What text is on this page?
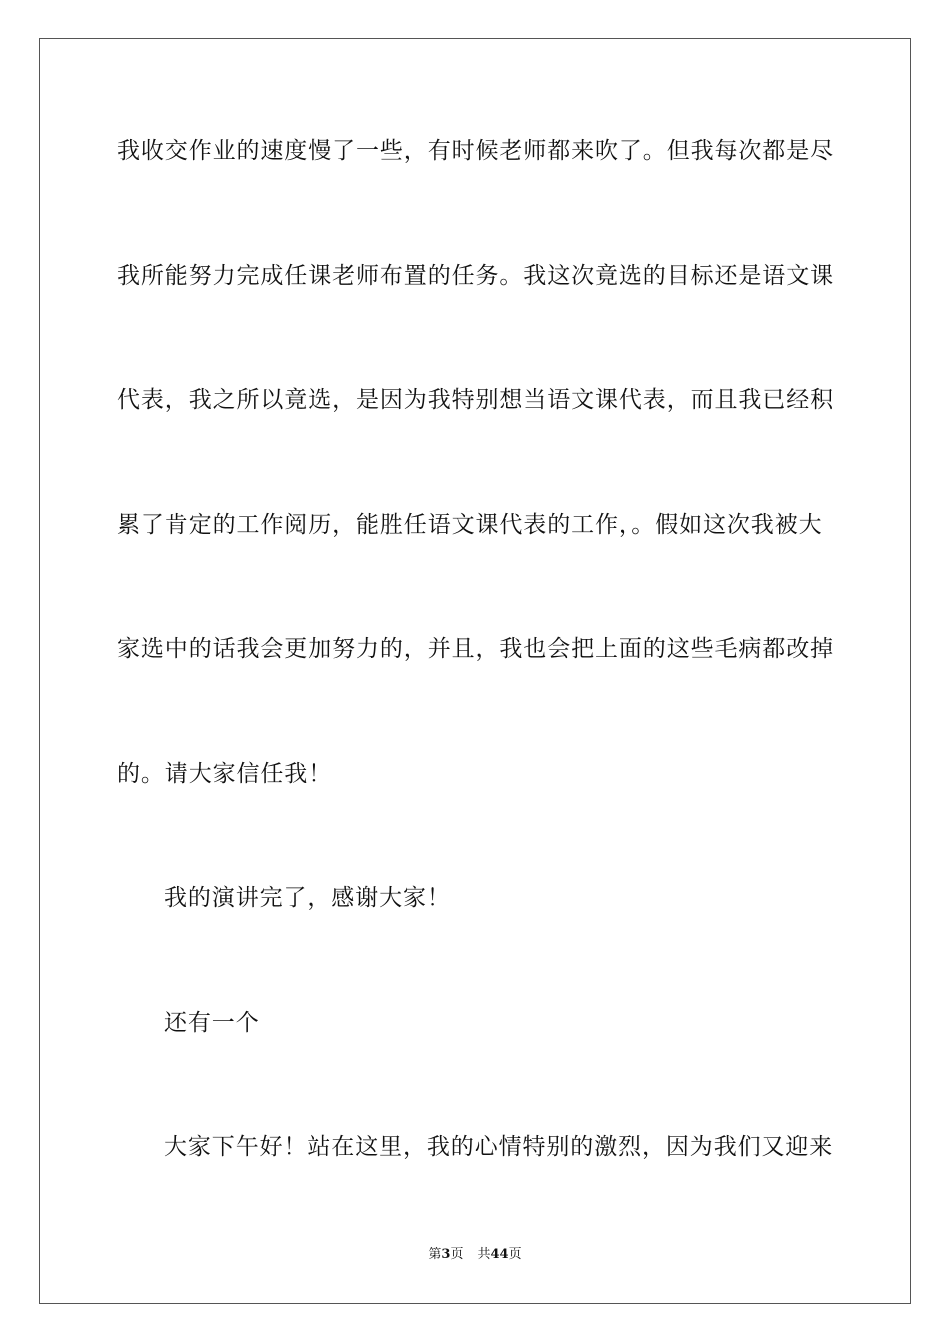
我收交作业的速度慢了一些，有时候老师都来吹了。但我每次都是尽
我所能努力完成任课老师布置的任务。我这次竟选的目标还是语文课
代表，我之所以竟选，是因为我特别想当语文课代表，而且我已经积
累了肯定的工作阅历，能胜任语文课代表的工作，。假如这次我被大
家选中的话我会更加努力的，并且，我也会把上面的这些毛病都改掉
的。请大家信任我！
我的演讲完了，感谢大家！
还有一个
大家下午好！站在这里，我的心情特别的激烈，因为我们又迎来
第3页 共44页
